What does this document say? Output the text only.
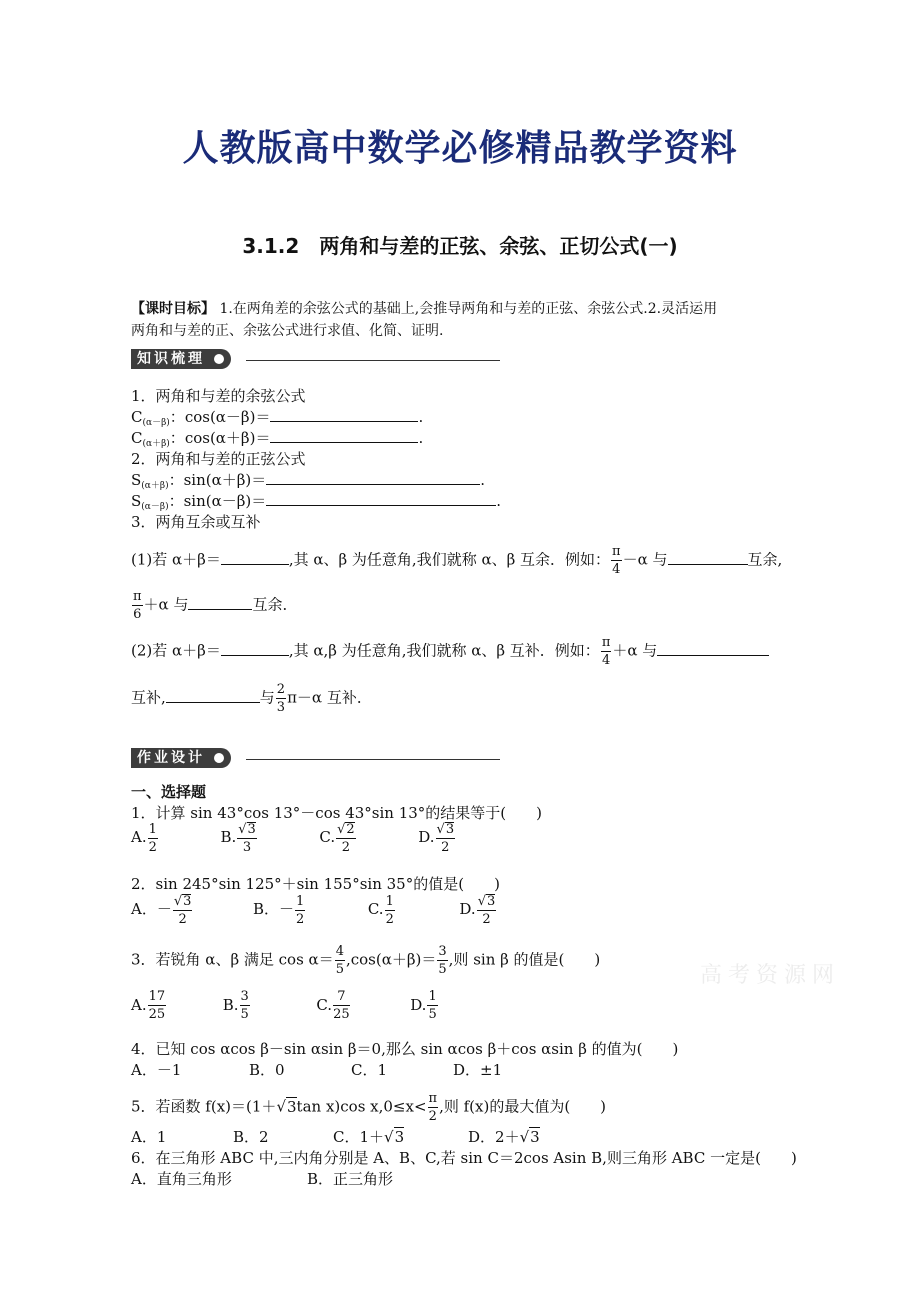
人教版高中数学必修精品教学资料
3.1.2　两角和与差的正弦、余弦、正切公式(一)
【课时目标】 1.在两角差的余弦公式的基础上,会推导两角和与差的正弦、余弦公式.2.灵活运用
两角和与差的正、余弦公式进行求值、化简、证明.
知识梳理
1．两角和与差的余弦公式
$C_{(\alpha-\beta)}$：cos(α－β)＝	.
$C_{(\alpha+\beta)}$：cos(α＋β)＝	.
2．两角和与差的正弦公式
$S_{(\alpha+\beta)}$：sin(α＋β)＝	.
$S_{(\alpha-\beta)}$：sin(α－β)＝	.
3．两角互余或互补
(1)若 α＋β＝	,其 α、β 为任意角,我们就称 α、β 互余．例如： $\frac{\pi}{4} -\alpha$ 与	互余,
$\frac{\pi}{6} +\alpha$ 与	互余．
(2)若 α＋β＝	,其 α,β 为任意角,我们就称 α、β 互补．例如： $\frac{\pi}{4} +\alpha$ 与
互补,	与 $\frac{2}{3} \pi-\alpha$ 互补．
作业设计
一、选择题
1．计算 sin 43°cos 13°－cos 43°sin 13°的结果等于(　　)
A. $\frac{1}{2}$	B. $\frac{√3}{3}$	C. $\frac{√2}{2}$	D. $\frac{√3}{2}$
2．sin 245°sin 125°＋sin 155°sin 35°的值是(　　)
A．－ $\frac{√3}{2}$	B．－ $\frac{1}{2}$	C. $\frac{1}{2}$	D. $\frac{√3}{2}$
3．若锐角 α、β 满足 $\cos \alpha= \frac{4}{5} ,\cos(\alpha+\beta)= \frac{3}{5}$ ,则 sin β 的值是(　　)
A. $\frac{17}{25}$	B. $\frac{3}{5}$	C. $\frac{7}{25}$	D. $\frac{1}{5}$
4．已知 cos αcos β－sin αsin β＝0,那么 sin αcos β＋cos αsin β 的值为(　　)
A．－1	B．0	C．1	D．±1
5．若函数 f(x)＝(1＋√3tan x)cos $x,0\le x< \frac{\pi}{2}$ ,则 f(x)的最大值为(　　)
A．1	B．2	C．1＋√3	D．2＋√3
6．在三角形 ABC 中,三内角分别是 A、B、C,若 sin C＝2cos Asin B,则三角形 ABC 一定是(　　)
A．直角三角形	B．正三角形
高考资源网
